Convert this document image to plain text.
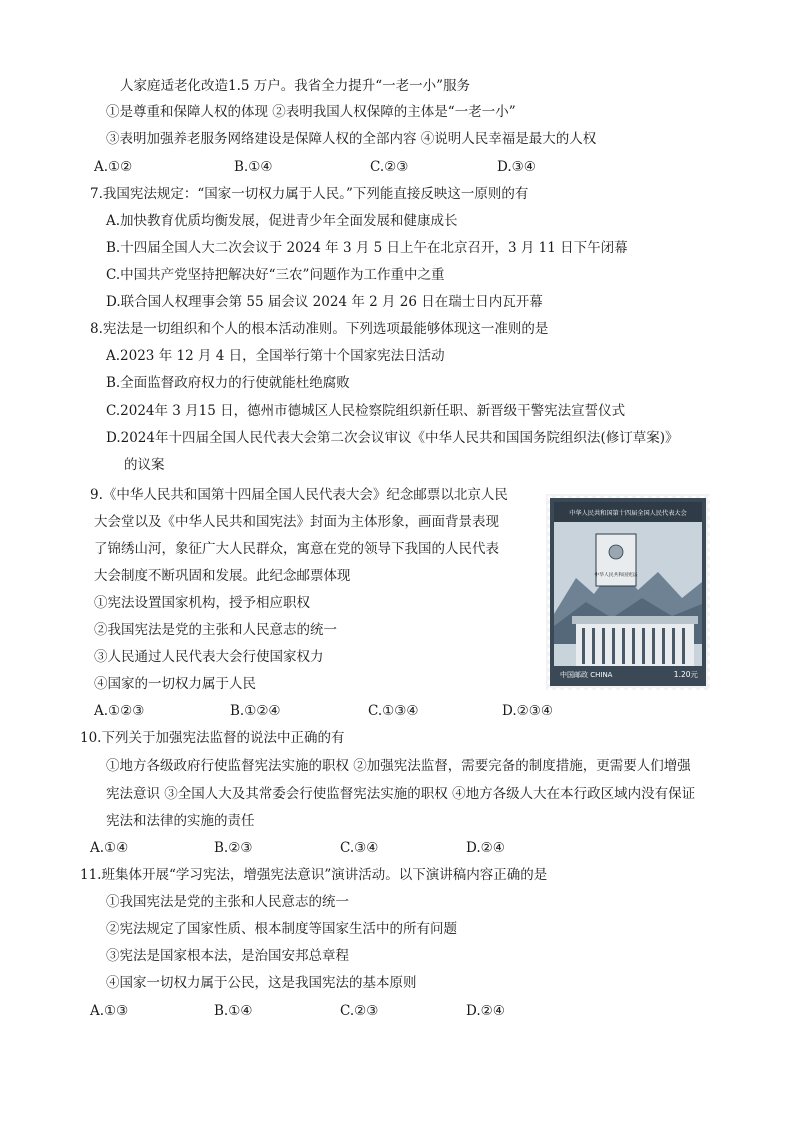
人家庭适老化改造1.5 万户。我省全力提升“一老一小”服务
①是尊重和保障人权的体现 ②表明我国人权保障的主体是“一老一小”
③表明加强养老服务网络建设是保障人权的全部内容 ④说明人民幸福是最大的人权
A.①②	B.①④	C.②③	D.③④
7.我国宪法规定：“国家一切权力属于人民。”下列能直接反映这一原则的有
A.加快教育优质均衡发展，促进青少年全面发展和健康成长
B.十四届全国人大二次会议于 2024 年 3 月 5 日上午在北京召开，3 月 11 日下午闭幕
C.中国共产党坚持把解决好“三农”问题作为工作重中之重
D.联合国人权理事会第 55 届会议 2024 年 2 月 26 日在瑞士日内瓦开幕
8.宪法是一切组织和个人的根本活动准则。下列选项最能够体现这一准则的是
A.2023 年 12 月 4 日，全国举行第十个国家宪法日活动
B.全面监督政府权力的行使就能杜绝腐败
C.2024年 3 月15 日，德州市德城区人民检察院组织新任职、新晋级干警宪法宣誓仪式
D.2024年十四届全国人民代表大会第二次会议审议《中华人民共和国国务院组织法(修订草案)》
的议案
9.《中华人民共和国第十四届全国人民代表大会》纪念邮票以北京人民
大会堂以及《中华人民共和国宪法》封面为主体形象，画面背景表现
了锦绣山河，象征广大人民群众，寓意在党的领导下我国的人民代表
大会制度不断巩固和发展。此纪念邮票体现
①宪法设置国家机构，授予相应职权
②我国宪法是党的主张和人民意志的统一
③人民通过人民代表大会行使国家权力
④国家的一切权力属于人民
A.①②③	B.①②④	C.①③④	D.②③④
中华人民共和国第十四届全国人民代表大会
中华人民共和国宪法
中国邮政 CHINA	1.20元
10.下列关于加强宪法监督的说法中正确的有
①地方各级政府行使监督宪法实施的职权 ②加强宪法监督，需要完备的制度措施，更需要人们增强
宪法意识 ③全国人大及其常委会行使监督宪法实施的职权 ④地方各级人大在本行政区域内没有保证
宪法和法律的实施的责任
A.①④	B.②③	C.③④	D.②④
11.班集体开展“学习宪法，增强宪法意识”演讲活动。以下演讲稿内容正确的是
①我国宪法是党的主张和人民意志的统一
②宪法规定了国家性质、根本制度等国家生活中的所有问题
③宪法是国家根本法，是治国安邦总章程
④国家一切权力属于公民，这是我国宪法的基本原则
A.①③	B.①④	C.②③	D.②④
